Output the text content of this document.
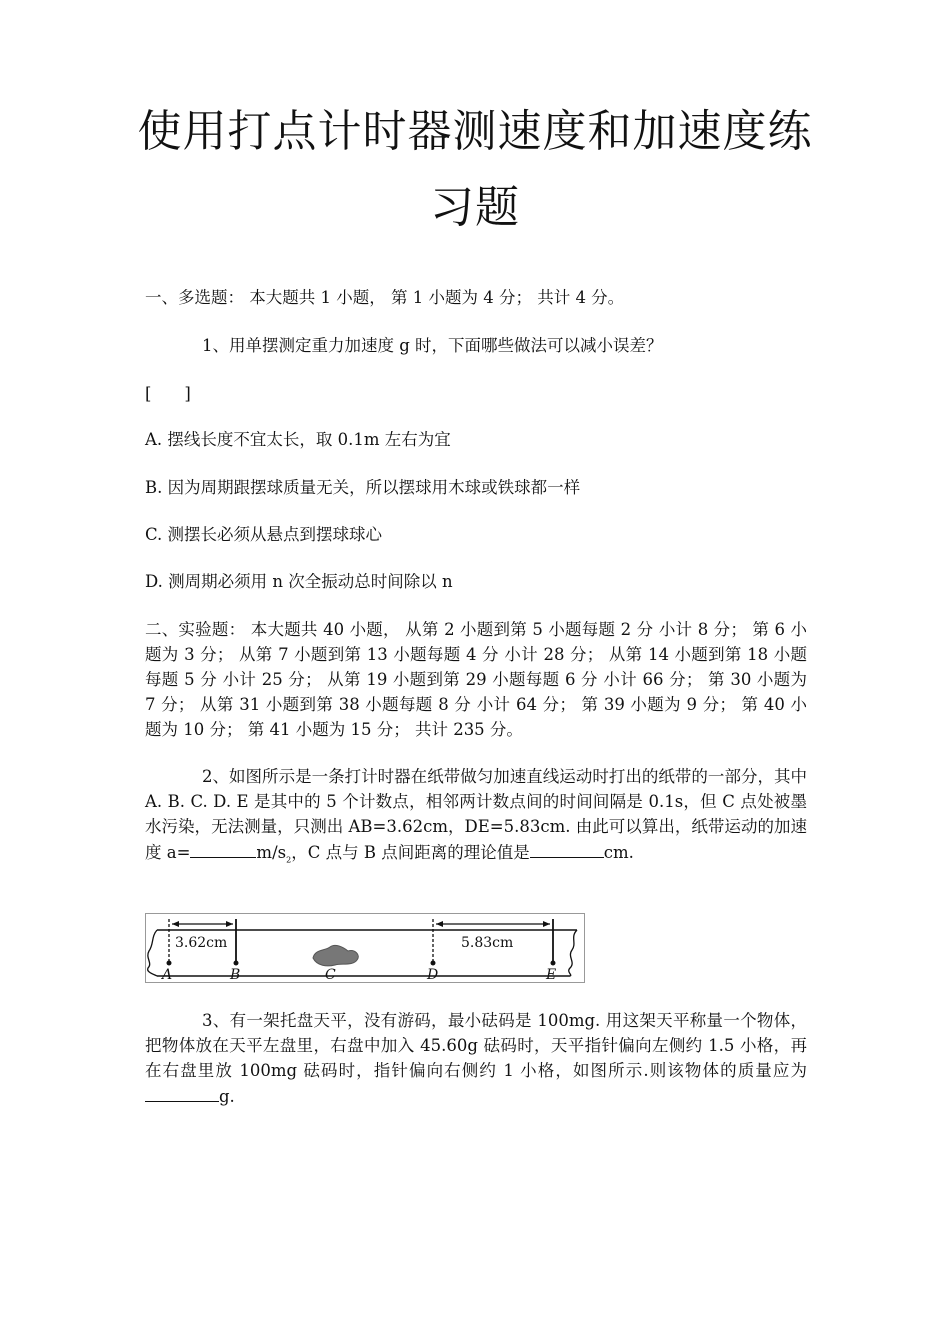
使用打点计时器测速度和加速度练
习题
一、多选题： 本大题共 1 小题， 第 1 小题为 4 分； 共计 4 分。
1、用单摆测定重力加速度 g 时，下面哪些做法可以减小误差？
[　　]
A. 摆线长度不宜太长，取 0.1m 左右为宜
B. 因为周期跟摆球质量无关，所以摆球用木球或铁球都一样
C. 测摆长必须从悬点到摆球球心
D. 测周期必须用 n 次全振动总时间除以 n
二、实验题： 本大题共 40 小题， 从第 2 小题到第 5 小题每题 2 分 小计 8 分； 第 6 小题为 3 分； 从第 7 小题到第 13 小题每题 4 分 小计 28 分； 从第 14 小题到第 18 小题每题 5 分 小计 25 分； 从第 19 小题到第 29 小题每题 6 分 小计 66 分； 第 30 小题为 7 分； 从第 31 小题到第 38 小题每题 8 分 小计 64 分； 第 39 小题为 9 分； 第 40 小题为 10 分； 第 41 小题为 15 分； 共计 235 分。
2、如图所示是一条打计时器在纸带做匀加速直线运动时打出的纸带的一部分，其中 A. B. C. D. E 是其中的 5 个计数点，相邻两计数点间的时间间隔是 0.1s，但 C 点处被墨水污染，无法测量，只测出 AB=3.62cm，DE=5.83cm. 由此可以算出，纸带运动的加速度 a=	$m/s_2$，C 点与 B 点间距离的理论值是	cm.
3.62cm	5.83cm
A	B	C	D	E
3、有一架托盘天平，没有游码，最小砝码是 100mg. 用这架天平称量一个物体，把物体放在天平左盘里，右盘中加入 45.60g 砝码时，天平指针偏向左侧约 1.5 小格，再在右盘里放 100mg 砝码时，指针偏向右侧约 1 小格，如图所示.则该物体的质量应为g.
